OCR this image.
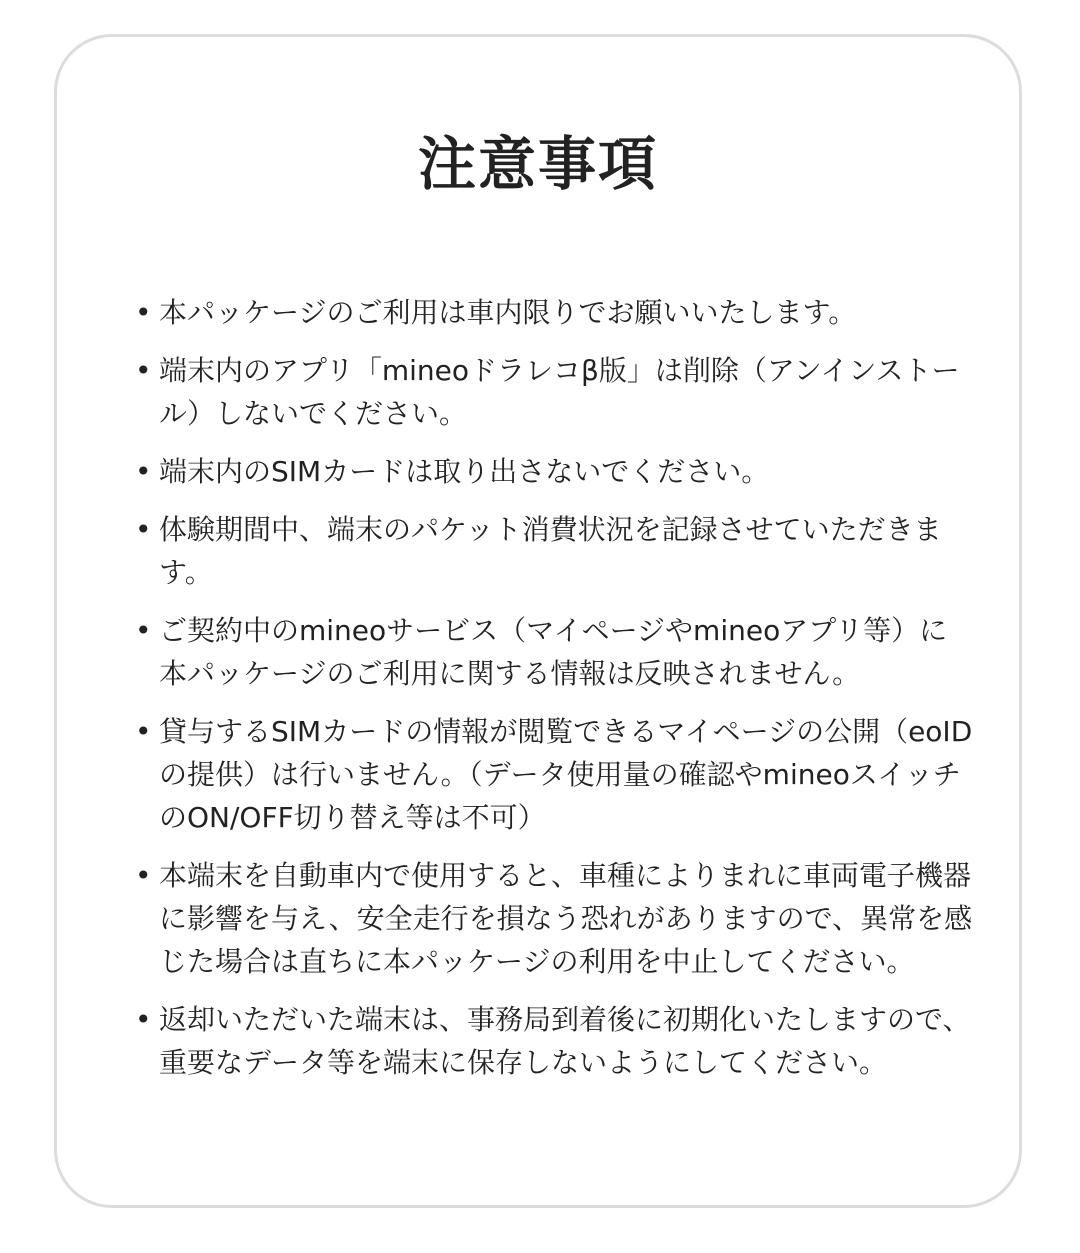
注意事項
• 本パッケージのご利用は車内限りでお願いいたします。
• 端末内のアプリ「mineoドラレコβ版」は削除（アンインストール）しないでください。
• 端末内のSIMカードは取り出さないでください。
• 体験期間中、端末のパケット消費状況を記録させていただきます。
• ご契約中のmineoサービス（マイページやmineoアプリ等）に本パッケージのご利用に関する情報は反映されません。
• 貸与するSIMカードの情報が閲覧できるマイページの公開（eoIDの提供）は行いません。（データ使用量の確認やmineoスイッチのON/OFF切り替え等は不可）
• 本端末を自動車内で使用すると、車種によりまれに車両電子機器に影響を与え、安全走行を損なう恐れがありますので、異常を感じた場合は直ちに本パッケージの利用を中止してください。
• 返却いただいた端末は、事務局到着後に初期化いたしますので、重要なデータ等を端末に保存しないようにしてください。
